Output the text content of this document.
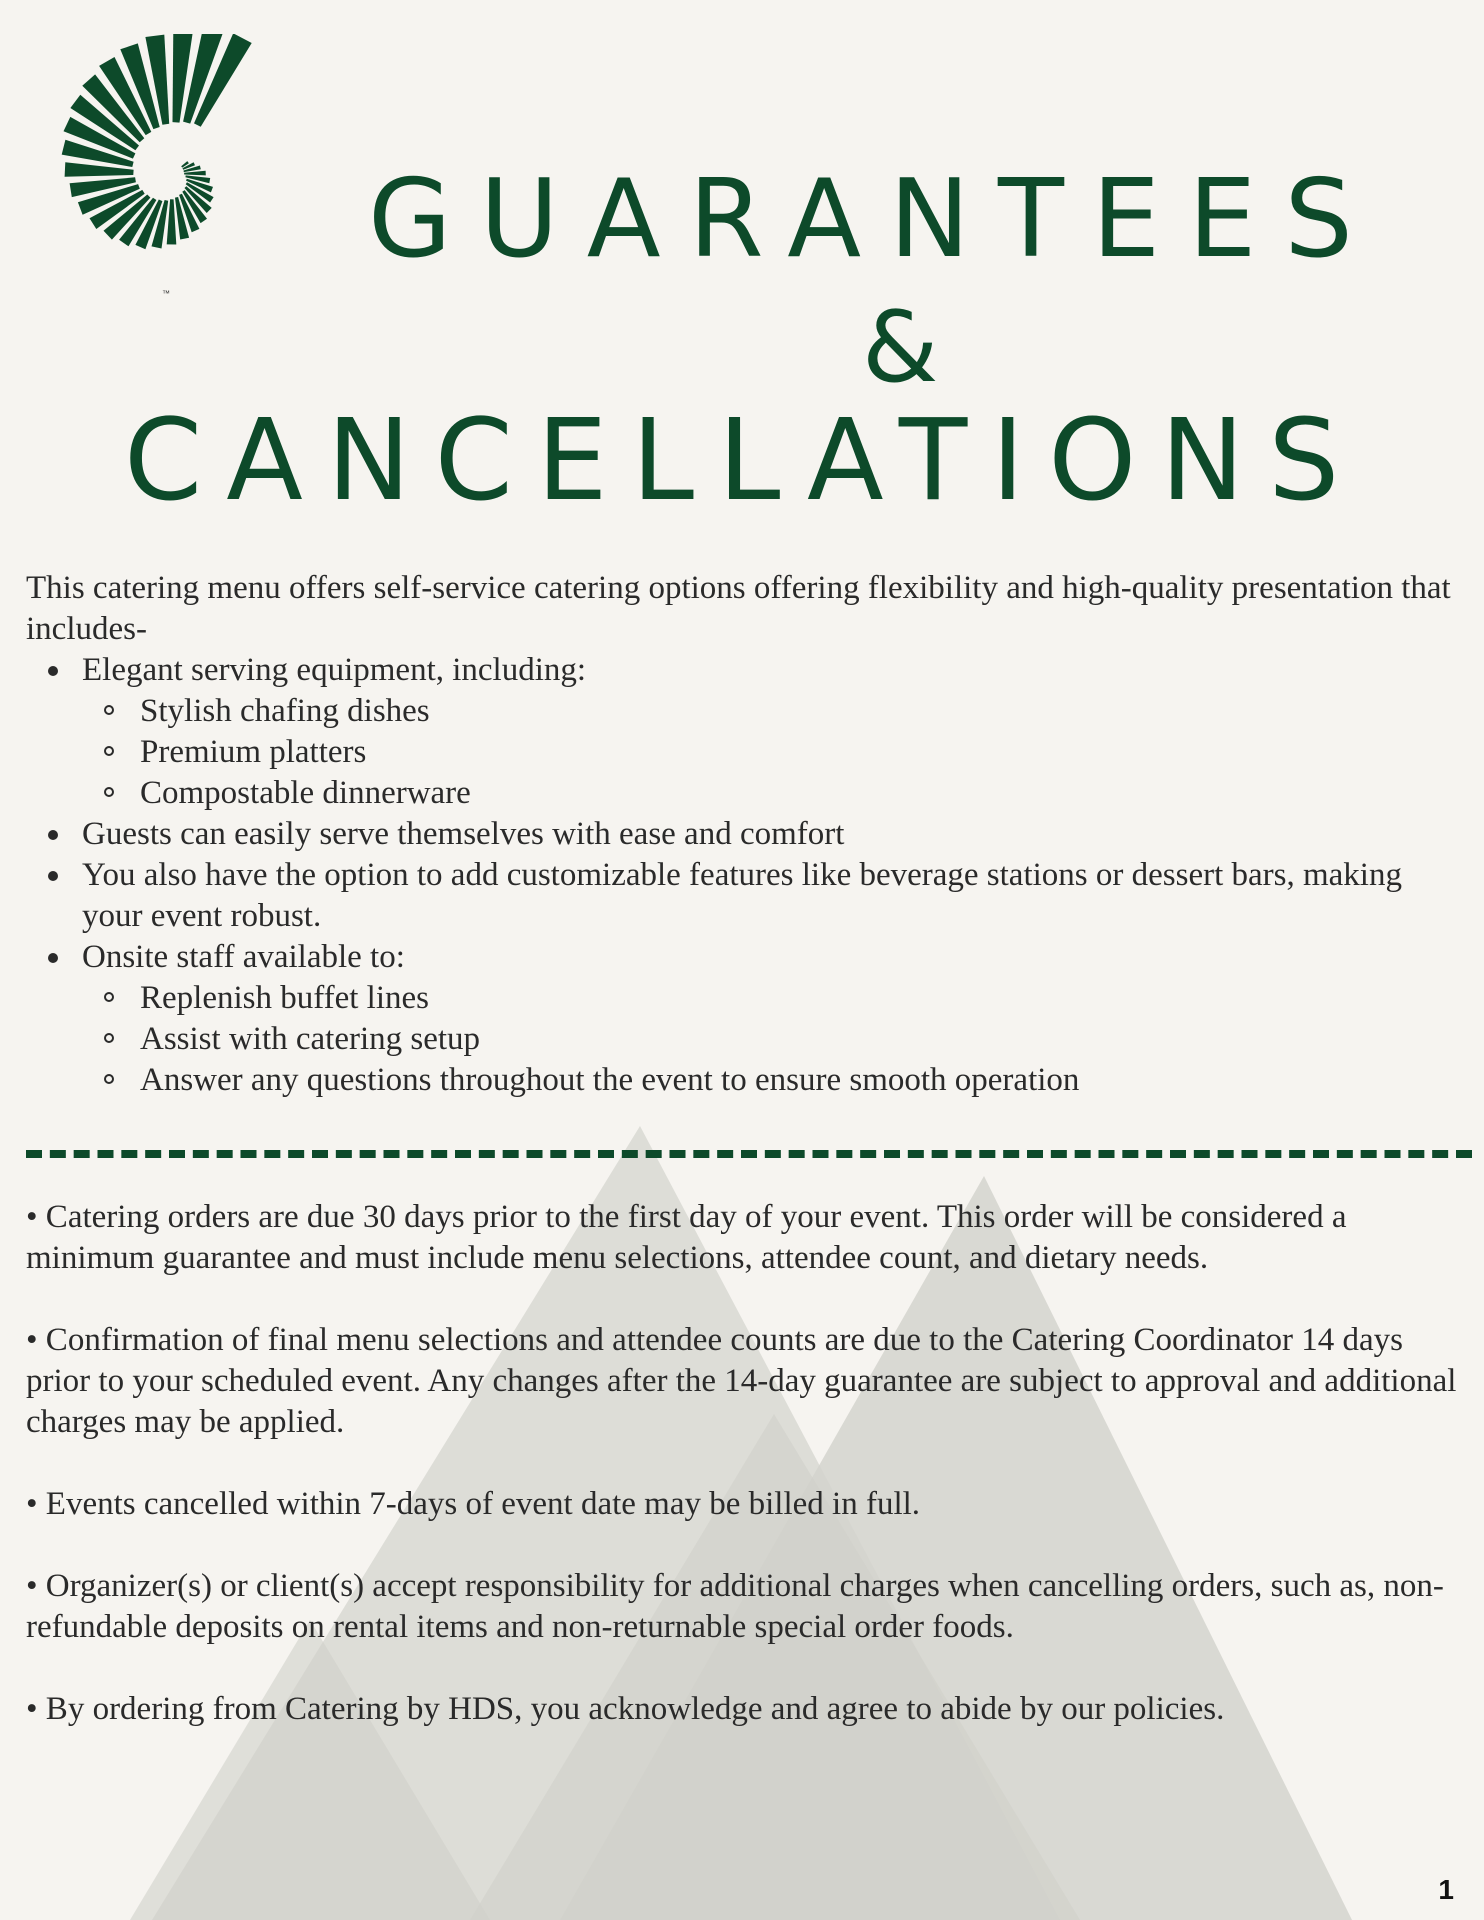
™
GUARANTEES
&
CANCELLATIONS

This catering menu offers self-service catering options offering flexibility and high-quality presentation that includes-

Elegant serving equipment, including:
Stylish chafing dishes
Premium platters
Compostable dinnerware
Guests can easily serve themselves with ease and comfort
You also have the option to add customizable features like beverage stations or dessert bars, making your event robust.
Onsite staff available to:
Replenish buffet lines
Assist with catering setup
Answer any questions throughout the event to ensure smooth operation

• Catering orders are due 30 days prior to the first day of your event. This order will be considered a minimum guarantee and must include menu selections, attendee count, and dietary needs.

• Confirmation of final menu selections and attendee counts are due to the Catering Coordinator 14 days prior to your scheduled event. Any changes after the 14-day guarantee are subject to approval and additional charges may be applied.

• Events cancelled within 7-days of event date may be billed in full.

• Organizer(s) or client(s) accept responsibility for additional charges when cancelling orders, such as, non-refundable deposits on rental items and non-returnable special order foods.

• By ordering from Catering by HDS, you acknowledge and agree to abide by our policies.

1
